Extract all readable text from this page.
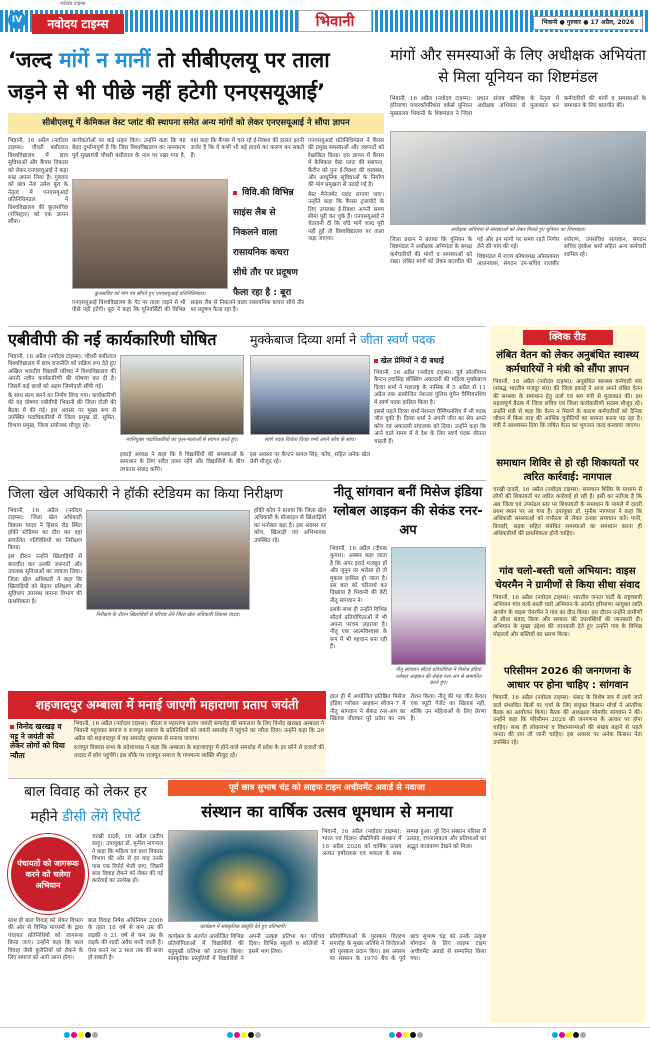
IV
नवोदय टाइम्स
नवोदय टाइम्स	भिवानी	भिवानी ● गुरुवार ● 17 अप्रैल, 2026
‘जल्द मांगें न मानीं तो सीबीएलयू पर ताला
जड़ने से भी पीछे नहीं हटेगी एनएसयूआई’
सीबीएलयू में केमिकल वेस्ट प्लांट की स्थापना समेत अन्य मांगों को लेकर एनएसयूआई ने सौंपा ज्ञापन

भिवानी, 16 अप्रैल (नवोदय टाइम्स): चौधरी बंसीलाल विश्वविद्यालय में छात्र सुविधाओं और कैंपस विकास को लेकर एनएसयूआई ने कड़ा रुख अपना लिया है। गुरुवार को छात्र नेता उमेश बूरा के नेतृत्व में एनएसयूआई प्रतिनिधिमंडल ने विश्वविद्यालय की कुलसचिव (रजिस्ट्रार) को एक ज्ञापन सौंपा।

कार्यकर्ताओं पर कड़े प्रहार किए। उन्होंने कहा कि यह बेहद दुर्भाग्यपूर्ण है कि जिस विश्वविद्यालय का नामकरण पूर्व मुख्यमंत्री चौधरी बंसीलाल के नाम पर रखा गया है, वहां कहा कि कैंपस में चल रहे ई-रिक्शा की हालत इतनी जर्जर है कि वे कभी भी बड़े हादसे का कारण बन सकते हैं।

कुलसचिव को मांग पत्र सौंपते हुए एनएसयूआई प्रतिनिधिमंडल।
विवि.की विभिन्न साइंस लैब से निकलने वाला रासायनिक कचरा सीधे तौर पर प्रदूषण फैला रहा है : बूरा

एनएसयूआई विश्वविद्यालय के गेट पर ताला जड़ने से भी पीछे नहीं हटेगी। बूरा ने कहा कि यूनिवर्सिटी की विभिन्न साइंस लैब से निकलने वाला रासायनिक कचरा सीधे तौर पर प्रदूषण फैला रहा है।

एनएसयूआई प्रतिनिधिमंडल ने कैंपस की प्रमुख समस्याओं और जरूरतों को रेखांकित किया। इस ज्ञापन में कैंपस में केमिकल वेस्ट प्लांट की स्थापना, कैंटीन को पुनः ई-रिक्शा की व्यवस्था, और आधुनिक सुविधाओं के निर्माण की मांग प्रमुखता से उठाई गई है।

बेस्ट मैनेजमेंट प्लांट लगाया जाए। उन्होंने कहा कि कैंपस ट्रांसपोर्ट के लिए उपलब्ध ई-रिक्शा अपनी समय सीमा पूरी कर चुके हैं। एनएसयूआई ने चेतावनी दी कि यदि मांगें जल्द पूरी नहीं हुईं तो विश्वविद्यालय पर ताला जड़ा जाएगा।

मांगों और समस्याओं के लिए अधीक्षक अभियंता से मिला यूनियन का शिष्टमंडल

भिवानी, 16 अप्रैल (नवोदय टाइम्स): हरियाणा पावरकॉर्पोरेशंस वर्कर्स यूनियन मुख्यालय भिवानी के शिष्टमंडल ने जिला प्रधान संजय कौशिक के नेतृत्व में अधीक्षक अभियंता से मुलाकात कर कर्मचारियों की मांगों व समस्याओं के समाधान के लिए बातचीत की।

अधीक्षक अभियंता से समस्याओं को लेकर मिलते हुए यूनियन का शिष्टमंडल।

जिला प्रधान ने बताया कि यूनियन के शिष्टमंडल ने अधीक्षक अभियंता के समक्ष कर्मचारियों की मांगों व समस्याओं को रखा। लंबित मांगों को लेकर बातचीत की गई और इन मांगों पर समय रहते निर्णय लेने की मांग की गई।

शिष्टमंडल में राज्य कोषाध्यक्ष ओमप्रकाश आलनवास, संगठन उप-सचिव राजबीर श्योराण, उपसचिव सत्यवान, संगठन सचिव हरकेश शर्मा सहित अन्य कर्मचारी शामिल रहे।

एबीवीपी की नई कार्यकारिणी घोषित

भिवानी, 16 अप्रैल (नवोदय टाइम्स): चौधरी बंसीलाल विश्वविद्यालय में छात्र राजनीति को सक्रिय रूप देते हुए अखिल भारतीय विद्यार्थी परिषद ने विश्वविद्यालय की अपनी नवीन कार्यकारिणी की घोषणा कर दी है। जिसमें कई छात्रों को अहम जिम्मेदारी सौंपी गई।

के साथ काम करने का निर्णय लिया गया। कार्यकारिणी की यह घोषणा एबीवीपी भिवानी की जिला टोली की बैठक में की गई। इस अवसर पर मुख्य रूप से उपस्थित पदाधिकारियों में जिला प्रमुख डॉ. सुमित, विभाग प्रमुख, जिला संयोजक मौजूद रहे।

नवनियुक्त पदाधिकारियों का फूल-मालाओं से स्वागत करते हुए।

इकाई अध्यक्ष ने कहा कि वे विद्यार्थियों की समस्याओं के समाधान के लिए सदैव तत्पर रहेंगे और विद्यार्थियों के बीच लगातार संवाद करेंगे।

मुक्केबाज दिव्या शर्मा ने जीता स्वर्ण पदक
स्वर्ण पदक विजेता दिव्या शर्मा अपने कोच के साथ।

इस अवसर पर कैप्टन कमल सिंह, कोच, सहित अनेक खेल प्रेमी मौजूद रहे।

खेल प्रेमियों ने दी बधाई

भिवानी, 16 अप्रैल (नवोदय टाइम्स): पूर्व ओलंपियन कैप्टन हवासिंह बॉक्सिंग अकादमी की महिला मुक्केबाज दिव्या शर्मा ने महाराष्ट्र के नासिक में 5 अप्रैल से 11 अप्रैल तक आयोजित नेशनल पुलिस वूमेन चैम्पियनशिप में स्वर्ण पदक हासिल किया है।

इससे पहले दिव्या शर्मा नेशनल चैम्पियनशिप में भी पदक जीत चुकी हैं। दिव्या शर्मा ने अपनी जीत का श्रेय अपने कोच एवं अकादमी संचालक को दिया। उन्होंने कहा कि आने वाले समय में वे देश के लिए स्वर्ण पदक जीतना चाहती हैं।

जिला खेल अधिकारी ने हॉकी स्टेडियम का किया निरीक्षण

भिवानी, 16 अप्रैल (नवोदय टाइम्स): जिला खेल अधिकारी विकास यादव ने हिसार रोड स्थित हॉकी स्टेडियम का दौरा कर वहां संचालित गतिविधियों का निरीक्षण किया।

इस दौरान उन्होंने खिलाड़ियों से बातचीत कर उनकी जरूरतों और उपलब्ध सुविधाओं का जायजा लिया। जिला खेल अधिकारी ने कहा कि खिलाड़ियों को बेहतर प्रशिक्षण और सुविधाएं उपलब्ध कराना विभाग की प्राथमिकता है।

निरीक्षण के दौरान खिलाड़ियों से परिचय लेते जिला खेल अधिकारी विकास यादव।

हॉकी कोच ने बताया कि जिला खेल अधिकारी के प्रोत्साहन से खिलाड़ियों का मनोबल बढ़ा है। इस अवसर पर कोच, खिलाड़ी एवं अभिभावक उपस्थित रहे।

नीतू सांगवान बनीं मिसेज इंडिया ग्लोबल आइकन की सेकंड रनर-अप

भिवानी, 16 अप्रैल (दीपक कुमार): अक्सर कहा जाता है कि अगर इरादे मजबूत हों और जुनून पर भरोसा हो तो मुकाम हासिल हो जाता है। इस बात को चरितार्थ कर दिखाया है भिवानी की बेटी नीतू सांगवान ने।

इसके साथ ही उन्होंने विभिन्न सौंदर्य प्रतियोगिताओं में भी अपना परचम लहराया है। नीतू एक आत्मविश्वास के रूप में भी पहचान बना रही हैं।

नीतू सांगवान सौंदर्य प्रतियोगिता में मिसेज इंडिया ग्लोबल आइकन की सेकंड रनर-अप से सम्मानित करते हुए।

हाल ही में आयोजित प्रतिष्ठित मिसेज इंडिया ग्लोबल आइकन सीजन-7 में नीतू सांगवान ने सेकंड रनर-अप का खिताब जीतकर पूरे प्रदेश का नाम रोशन किया। नीतू की यह जीत केवल एक ब्यूटी पेजेंट का खिताब नहीं, बल्कि उन महिलाओं के लिए प्रेरणा है।

शहजादपुर अम्बाला में मनाई जाएगी महाराणा प्रताप जयंती
विनोद खरखड़ व मट्टू ने जयंती को लेकर लोगों को दिया न्यौता

भिवानी, 16 अप्रैल (नवोदय टाइम्स): वीरता व महाराणा प्रताप जयंती समारोह की सफलता के लिए विनोद खरखड़ अम्बाला ने भिवानी पहुंचकर समाज व राजपूत समाज के प्रतिनिधियों को जयंती समारोह में पहुंचने का न्यौता दिया। उन्होंने कहा कि 26 अप्रैल को शहजादपुर में यह समारोह धूमधाम से मनाया जाएगा।

राजपूत विकास सभा के प्रदेशाध्यक्ष ने कहा कि अम्बाला के शहजादपुर में होने वाले समारोह में प्रदेश के हर कोने से हजारों की तादाद में लोग पहुंचेंगे। इस मौके पर राजपूत समाज के गणमान्य व्यक्ति मौजूद रहे।

बाल विवाह को लेकर हर
महीने डीसी लेंगे रिपोर्ट
पंचायतों को जागरूक करने को चलेगा अभियान

चरखी दादरी, 16 अप्रैल (प्रदीप साहू): उपायुक्त डॉ. मुनीश नागपाल ने कहा कि महिला एवं बाल विकास विभाग की ओर से हर माह उनके पास एक रिपोर्ट भेजी जाए, जिसमें बाल विवाह रोकने को लेकर की गई कार्रवाई का उल्लेख हो।

साथ ही बाल विवाह को लेकर विभाग की ओर से विभिन्न माध्यमों के द्वारा पंचायत प्रतिनिधियों को जागरूक किया जाए। उन्होंने कहा कि बाल विवाह जैसी कुरीतियों को रोकने के लिए समाज को आगे आना होगा।

बाल विवाह निषेध अधिनियम 2006 के तहत 18 वर्ष से कम उम्र की लड़की व 21 वर्ष से कम उम्र के लड़के की शादी अवैध मानी जाती है। ऐसा करने पर 2 साल तक की सजा हो सकती है।

पूर्व छात्र सुभाष चंद्र को लाइफ टाइम अचीवमेंट अवार्ड से नवाजा
संस्थान का वार्षिक उत्सव धूमधाम से मनाया
कार्यक्रम में सांस्कृतिक प्रस्तुति देते हुए प्रतिभागी।

भिवानी, 16 अप्रैल (नवोदय टाइम्स): भारत एवं विज्ञान प्रौद्योगिकी संस्थान में 16 अप्रैल 2026 को वार्षिक उत्सव अत्यंत हर्षोल्लास एवं भव्यता के साथ सम्पन्न हुआ। पूरे दिन संस्थान परिसर में उत्साह, रचनात्मकता और प्रतिभाओं का अद्भुत वातावरण देखने को मिला।

कार्यक्रम के अंतर्गत आयोजित विभिन्न प्रतियोगिताओं में विद्यार्थियों की बहुमुखी प्रतिभा को उजागर किया। सांस्कृतिक प्रस्तुतियों में विद्यार्थियों ने अपनी उत्कृष्ट प्रतिभा का परिचय दिया। विभिन्न स्कूलों व कॉलेजों ने इसमें भाग लिया।

प्रतियोगिताओं के पुरस्कार वितरण समारोह के मुख्य अतिथि ने विजेताओं को पुरस्कार प्रदान किए। इस अवसर पर संस्थान के 1970 बैच के पूर्व छात्र सुभाष चंद्र को उनके उत्कृष्ट योगदान के लिए लाइफ टाइम अचीवमेंट अवार्ड से सम्मानित किया गया।

क्विक रीड
लंबित वेतन को लेकर अनुबंधित स्वास्थ्य कर्मचारियों ने मंत्री को सौंपा ज्ञापन
भिवानी, 16 अप्रैल (नवोदय टाइम्स): अनुबंधित स्वास्थ्य कर्मचारी संघ (संबद्ध भारतीय मजदूर संघ) की जिला इकाई ने आज अपने लंबित वेतन की समस्या के समाधान हेतु उर्जा एवं श्रम मंत्री से मुलाकात की। इस महत्वपूर्ण बैठक में जिला सचिव एवं जिला कार्यकारिणी सदस्य मौजूद रहे। उन्होंने मंत्री से कहा कि वेतन न मिलने के कारण कर्मचारियों को दैनिक जीवन में किस तरह की आर्थिक चुनौतियों का सामना करना पड़ रहा है। मंत्री ने आश्वासन दिया कि लंबित वेतन का भुगतान जल्द करवाया जाएगा।
समाधान शिविर से हो रही शिकायतों पर त्वरित कार्रवाई: नागपाल
चरखी दादरी, 16 अप्रैल (नवोदय टाइम्स): समाधान शिविर के माध्यम से लोगों की शिकायतों पर त्वरित कार्रवाई हो रही है। इसी का नतीजा है कि अब जिला एवं उपमंडल स्तर पर शिकायतों के समाधान के मामले में दादरी प्रथम स्थान पर आ गया है। उपायुक्त डॉ. मुनीश नागपाल ने कहा कि अधिकारी समस्याओं को गंभीरता से लेकर उनका समाधान करें। पानी, बिजली, सड़क सहित संबंधित समस्याओं का समाधान करना ही अधिकारियों की प्राथमिकता होनी चाहिए।
गांव चलो-बस्ती चलो अभियान: वाइस चेयरमैन ने ग्रामीणों से किया सीधा संवाद
भिवानी, 16 अप्रैल (नवोदय टाइम्स): भारतीय जनता पार्टी के राष्ट्रव्यापी अभियान गांव चलो-बस्ती चलो अभियान के अंतर्गत हरियाणा आयुक्त जाति आयोग के वाइस चेयरमैन ने गांव का दौरा किया। इस दौरान उन्होंने ग्रामीणों से सीधा संवाद किया और सरकार की उपलब्धियों की जानकारी दी। अभियान के मुख्य उद्देश्य की जानकारी देते हुए उन्होंने गांव के विभिन्न मोहल्लों और बस्तियों का भ्रमण किया।
परिसीमन 2026 की जनगणना के आधार पर होना चाहिए : सांगवान
भिवानी, 16 अप्रैल (नवोदय टाइम्स): संसद के विशेष सत्र में लाये जाने वाले संभावित बिलों पर चर्चा के लिए संयुक्त किसान मोर्चा ने आंतरिक बैठक का आयोजन किया। बैठक की अध्यक्षता सोमवीर सांगवान ने की। उन्होंने कहा कि परिसीमन 2026 की जनगणना के आधार पर होना चाहिए। साथ ही लोकसभा व विधानसभाओं की संख्या बढ़ाने से पहले जनता की राय ली जानी चाहिए। इस अवसर पर अनेक किसान नेता उपस्थित रहे।
